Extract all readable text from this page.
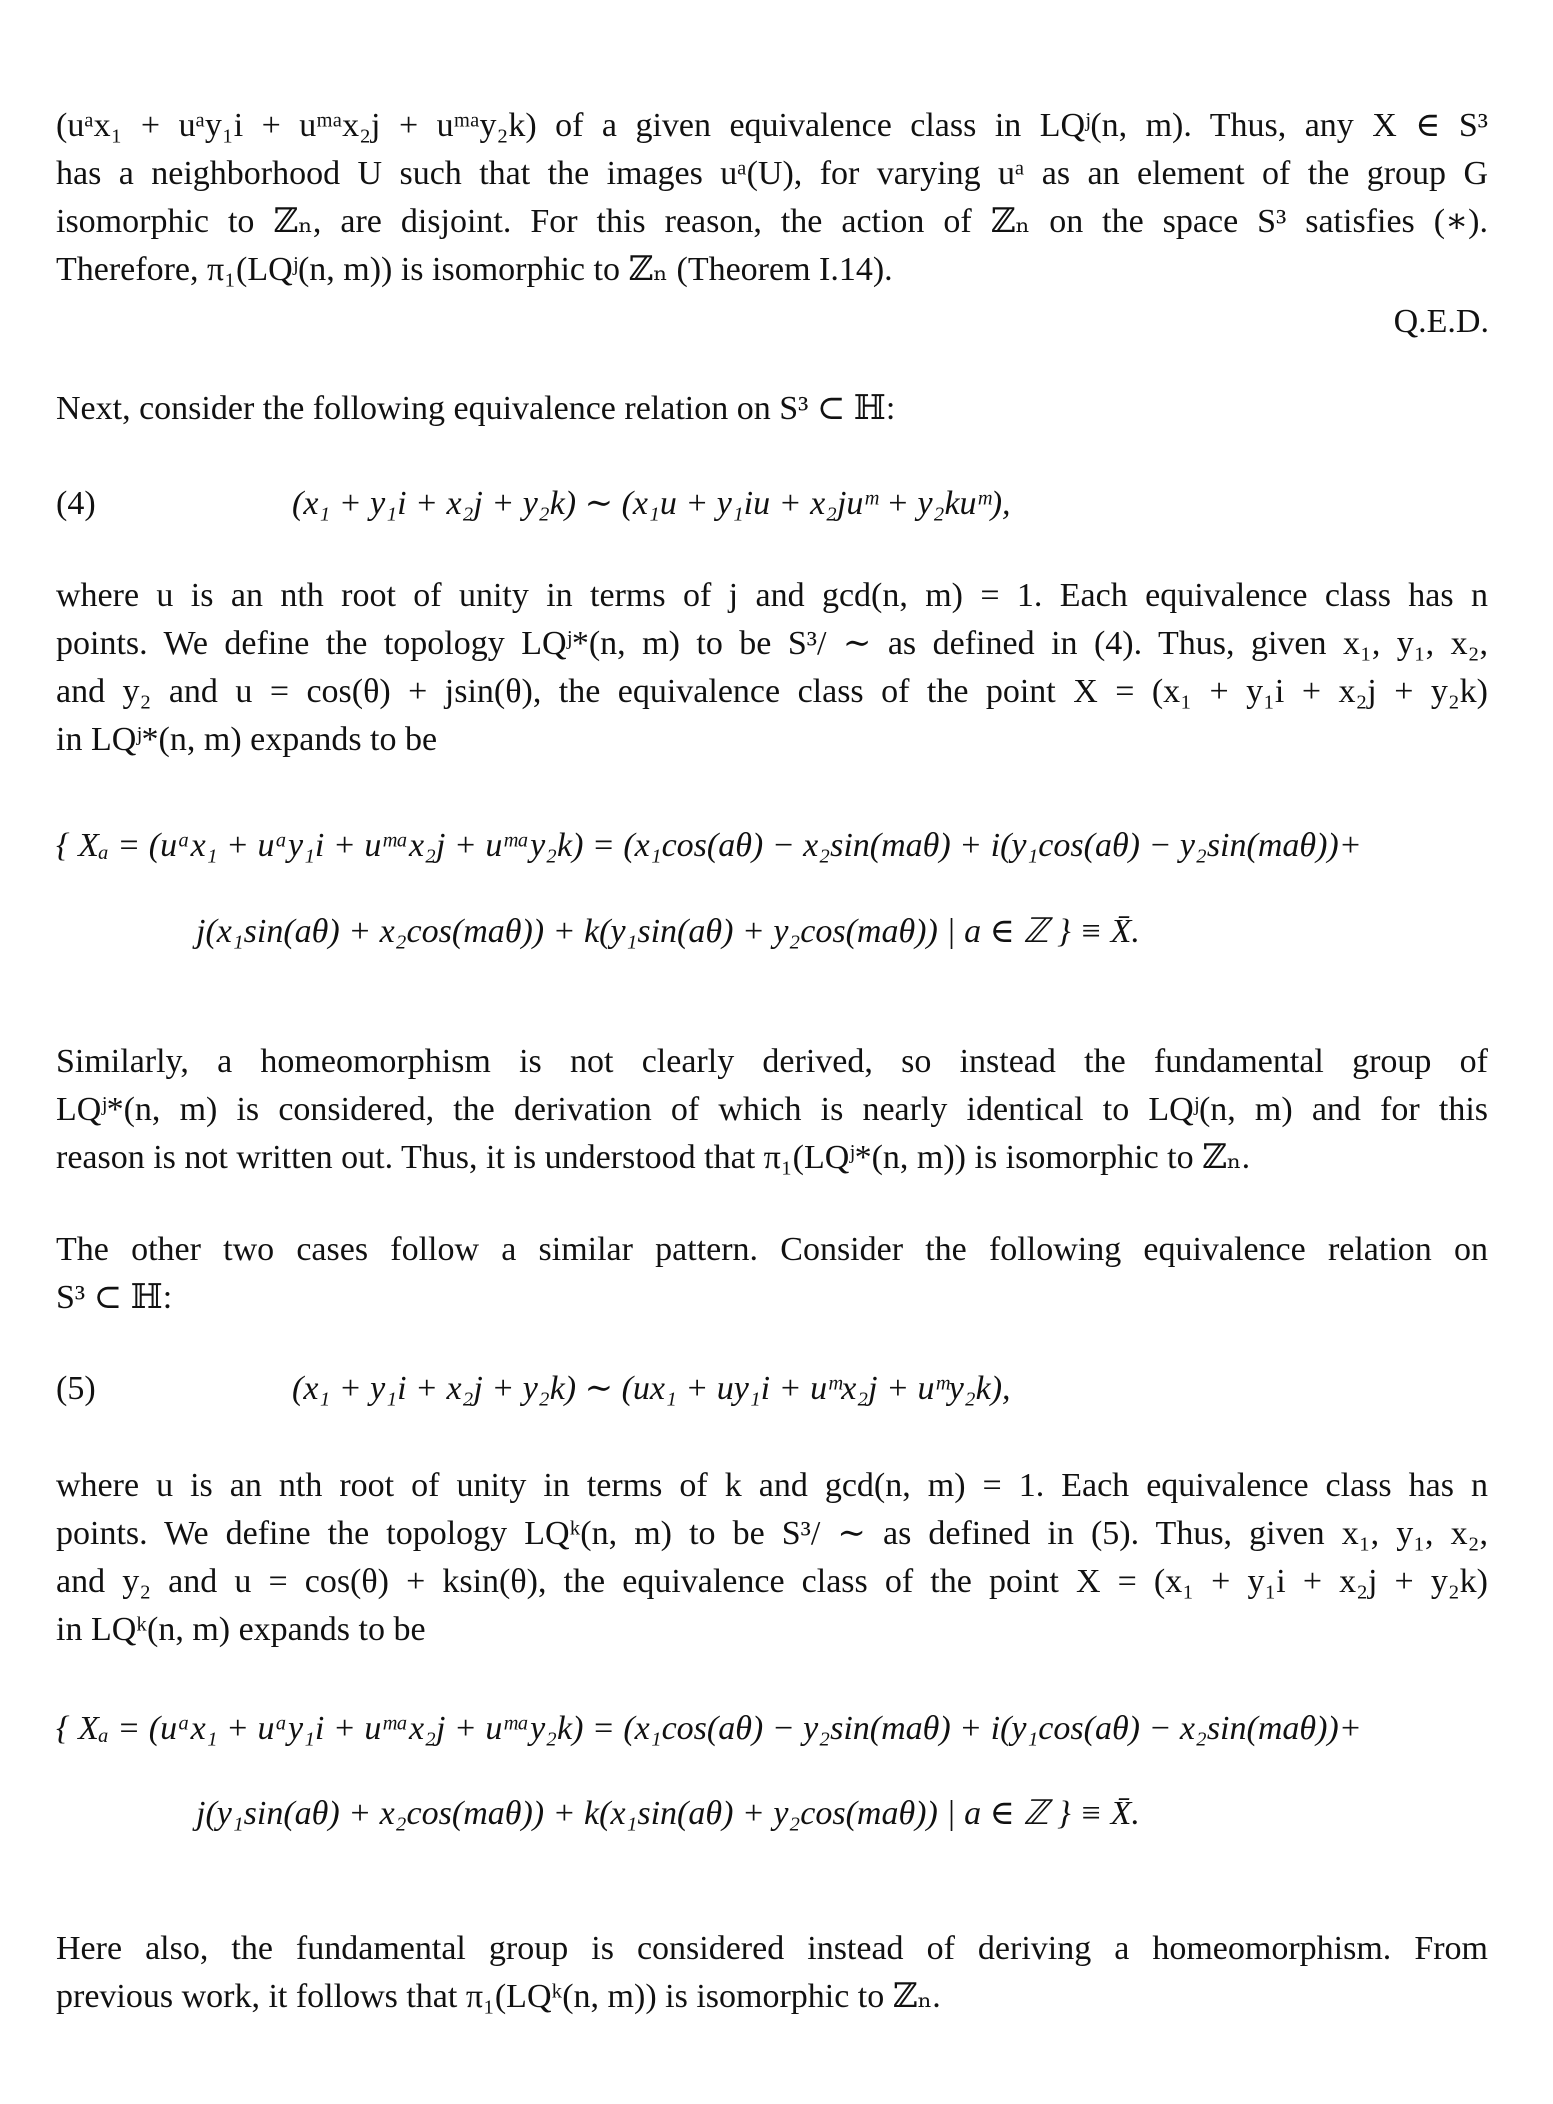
(uᵃx₁ + uᵃy₁i + uᵐᵃx₂j + uᵐᵃy₂k) of a given equivalence class in LQʲ(n, m). Thus, any X ∈ S³
has a neighborhood U such that the images uᵃ(U), for varying uᵃ as an element of the group G
isomorphic to ℤₙ, are disjoint. For this reason, the action of ℤₙ on the space S³ satisfies (∗).
Therefore, π₁(LQʲ(n, m)) is isomorphic to ℤₙ (Theorem I.14).

Q.E.D.

Next, consider the following equivalence relation on S³ ⊂ ℍ:

(4)	(x₁ + y₁i + x₂j + y₂k) ∼ (x₁u + y₁iu + x₂juᵐ + y₂kuᵐ),

where u is an nth root of unity in terms of j and gcd(n, m) = 1. Each equivalence class has n
points. We define the topology LQʲ*(n, m) to be S³/ ∼ as defined in (4). Thus, given x₁, y₁, x₂,
and y₂ and u = cos(θ) + jsin(θ), the equivalence class of the point X = (x₁ + y₁i + x₂j + y₂k)
in LQʲ*(n, m) expands to be

{ Xₐ = (uᵃx₁ + uᵃy₁i + uᵐᵃx₂j + uᵐᵃy₂k) = (x₁cos(aθ) − x₂sin(maθ) + i(y₁cos(aθ) − y₂sin(maθ))+

j(x₁sin(aθ) + x₂cos(maθ)) + k(y₁sin(aθ) + y₂cos(maθ)) | a ∈ ℤ } ≡ X̄.

Similarly, a homeomorphism is not clearly derived, so instead the fundamental group of
LQʲ*(n, m) is considered, the derivation of which is nearly identical to LQʲ(n, m) and for this
reason is not written out. Thus, it is understood that π₁(LQʲ*(n, m)) is isomorphic to ℤₙ.
The other two cases follow a similar pattern. Consider the following equivalence relation on
S³ ⊂ ℍ:

(5)	(x₁ + y₁i + x₂j + y₂k) ∼ (ux₁ + uy₁i + uᵐx₂j + uᵐy₂k),

where u is an nth root of unity in terms of k and gcd(n, m) = 1. Each equivalence class has n
points. We define the topology LQᵏ(n, m) to be S³/ ∼ as defined in (5). Thus, given x₁, y₁, x₂,
and y₂ and u = cos(θ) + ksin(θ), the equivalence class of the point X = (x₁ + y₁i + x₂j + y₂k)
in LQᵏ(n, m) expands to be

{ Xₐ = (uᵃx₁ + uᵃy₁i + uᵐᵃx₂j + uᵐᵃy₂k) = (x₁cos(aθ) − y₂sin(maθ) + i(y₁cos(aθ) − x₂sin(maθ))+

j(y₁sin(aθ) + x₂cos(maθ)) + k(x₁sin(aθ) + y₂cos(maθ)) | a ∈ ℤ } ≡ X̄.

Here also, the fundamental group is considered instead of deriving a homeomorphism. From
previous work, it follows that π₁(LQᵏ(n, m)) is isomorphic to ℤₙ.
